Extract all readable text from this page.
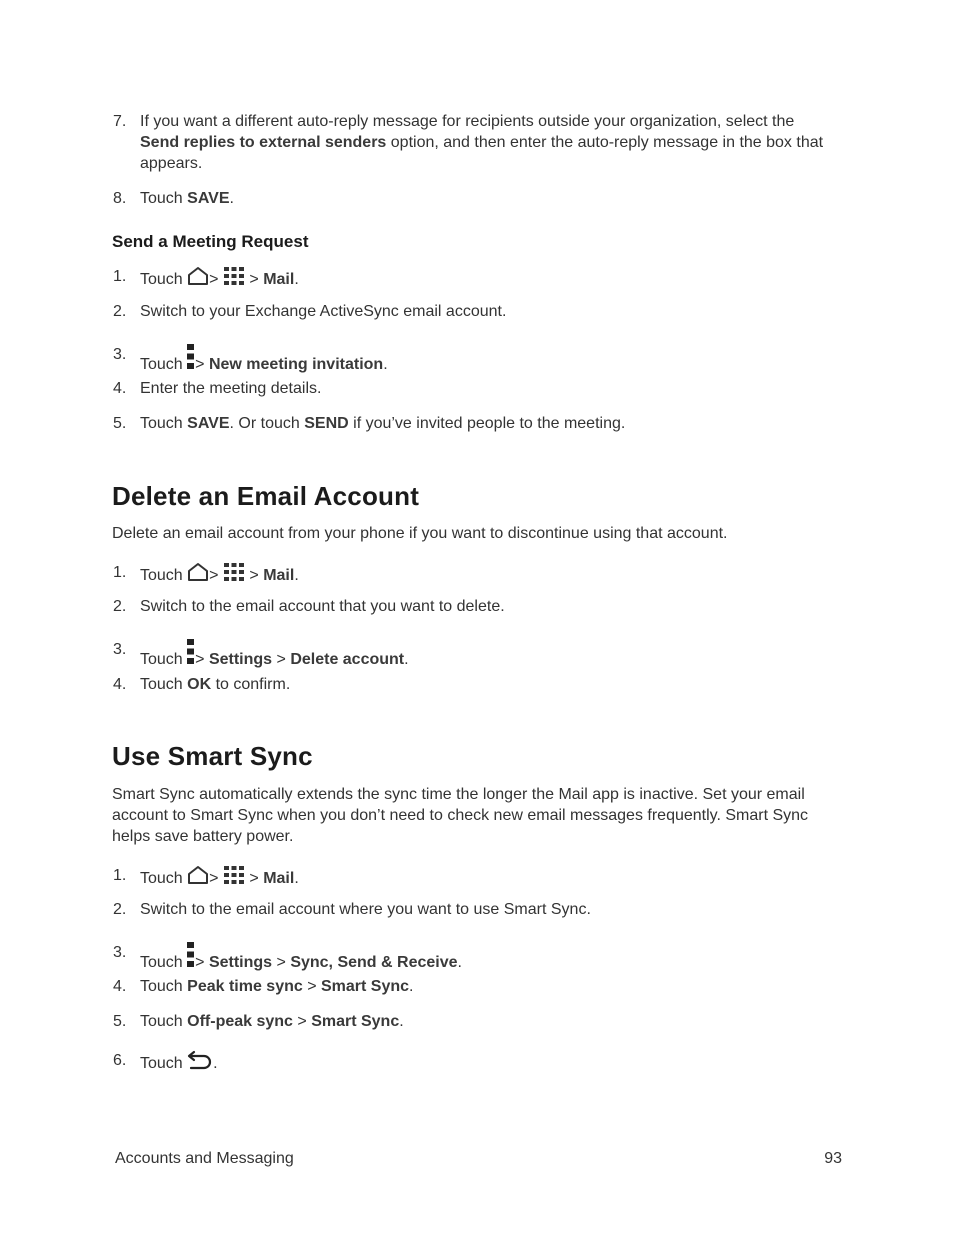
7. If you want a different auto-reply message for recipients outside your organization, select the Send replies to external senders option, and then enter the auto-reply message in the box that appears.
8. Touch SAVE.
Send a Meeting Request
1. Touch > > Mail.
2. Switch to your Exchange ActiveSync email account.
3.
Touch > New meeting invitation.
4. Enter the meeting details.
5. Touch SAVE. Or touch SEND if you’ve invited people to the meeting.
Delete an Email Account
Delete an email account from your phone if you want to discontinue using that account.
1. Touch > > Mail.
2. Switch to the email account that you want to delete.
3.
Touch > Settings > Delete account.
4. Touch OK to confirm.
Use Smart Sync
Smart Sync automatically extends the sync time the longer the Mail app is inactive. Set your email account to Smart Sync when you don’t need to check new email messages frequently. Smart Sync helps save battery power.
1. Touch > > Mail.
2. Switch to the email account where you want to use Smart Sync.
3.
Touch > Settings > Sync, Send & Receive.
4. Touch Peak time sync > Smart Sync.
5. Touch Off-peak sync > Smart Sync.
6. Touch .
Accounts and Messaging	93
